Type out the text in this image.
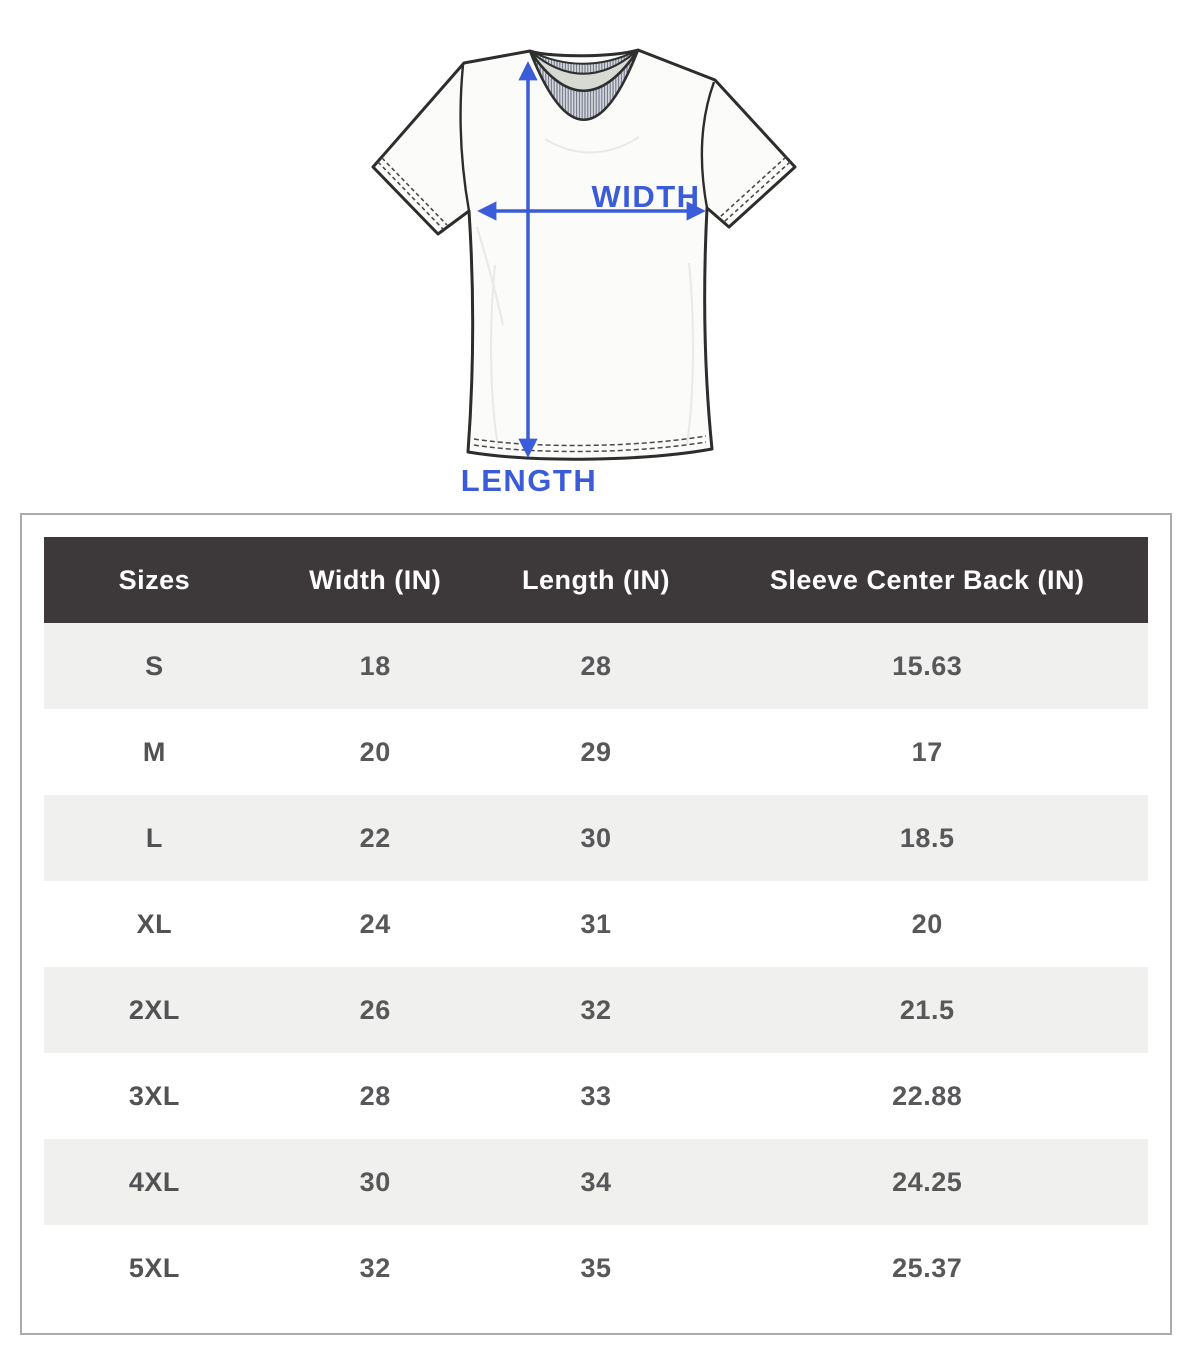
WIDTH
LENGTH
Sizes	Width (IN)	Length (IN)	Sleeve Center Back (IN)
S	18	28	15.63
M	20	29	17
L	22	30	18.5
XL	24	31	20
2XL	26	32	21.5
3XL	28	33	22.88
4XL	30	34	24.25
5XL	32	35	25.37
